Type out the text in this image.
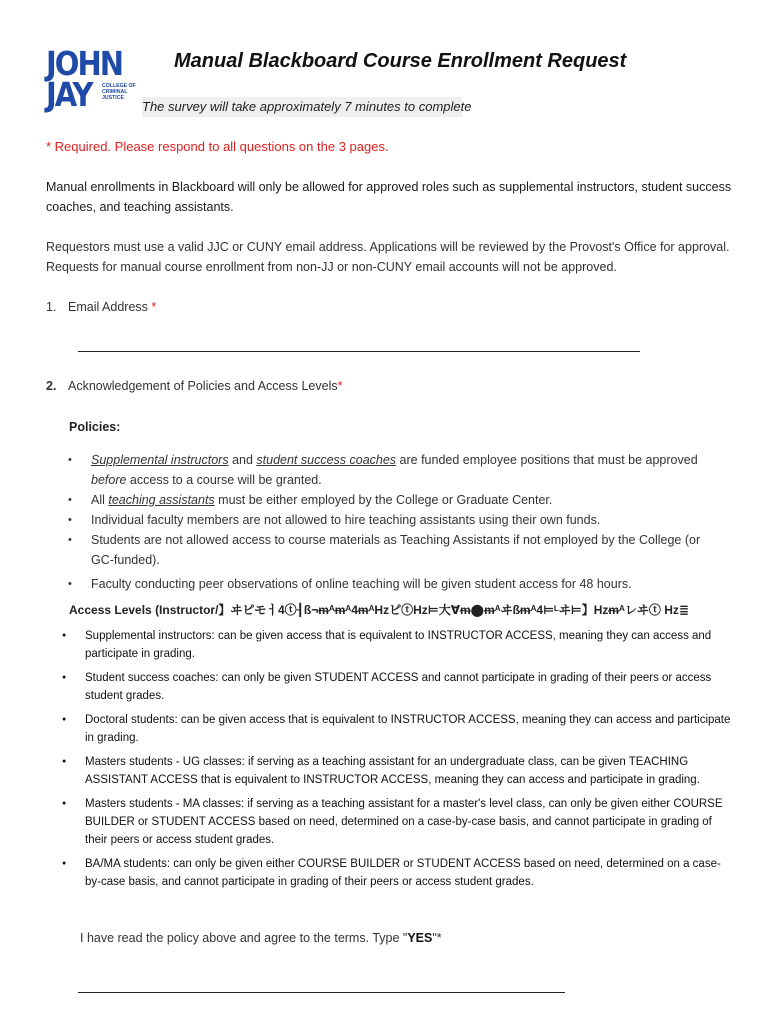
JOHN
JAY COLLEGE OF CRIMINAL JUSTICE
Manual Blackboard Course Enrollment Request
The survey will take approximately 7 minutes to complete
* Required. Please respond to all questions on the 3 pages.
Manual enrollments in Blackboard will only be allowed for approved roles such as supplemental instructors, student success coaches, and teaching assistants.
Requestors must use a valid JJC or CUNY email address. Applications will be reviewed by the Provost's Office for approval. Requests for manual course enrollment from non-JJ or non-CUNY email accounts will not be approved.
1. Email Address *
2. Acknowledgement of Policies and Access Levels*
Policies:
• Supplemental instructors and student success coaches are funded employee positions that must be approved before access to a course will be granted.
• All teaching assistants must be either employed by the College or Graduate Center.
• Individual faculty members are not allowed to hire teaching assistants using their own funds.
• Students are not allowed access to course materials as Teaching Assistants if not employed by the College (or GC-funded).
• Faculty conducting peer observations of online teaching will be given student access for 48 hours.
Access Levels (Instructor/】ヰピモㅓ4ⓣ┨ß¬ᵯᴬᵯᴬ4ᵯᴬHzピⓣHz⊨大Ɐᵯ⬤ᵯᴬヰßᵯᴬ4⊨ᴸヰ⊨】Hzᵯᴬレヰⓣ Hz≣
● Supplemental instructors: can be given access that is equivalent to INSTRUCTOR ACCESS, meaning they can access and participate in grading.
● Student success coaches: can only be given STUDENT ACCESS and cannot participate in grading of their peers or access student grades.
● Doctoral students: can be given access that is equivalent to INSTRUCTOR ACCESS, meaning they can access and participate in grading.
● Masters students - UG classes: if serving as a teaching assistant for an undergraduate class, can be given TEACHING ASSISTANT ACCESS that is equivalent to INSTRUCTOR ACCESS, meaning they can access and participate in grading.
● Masters students - MA classes: if serving as a teaching assistant for a master's level class, can only be given either COURSE BUILDER or STUDENT ACCESS based on need, determined on a case-by-case basis, and cannot participate in grading of their peers or access student grades.
● BA/MA students: can only be given either COURSE BUILDER or STUDENT ACCESS based on need, determined on a case-by-case basis, and cannot participate in grading of their peers or access student grades.
I have read the policy above and agree to the terms. Type "YES"*
